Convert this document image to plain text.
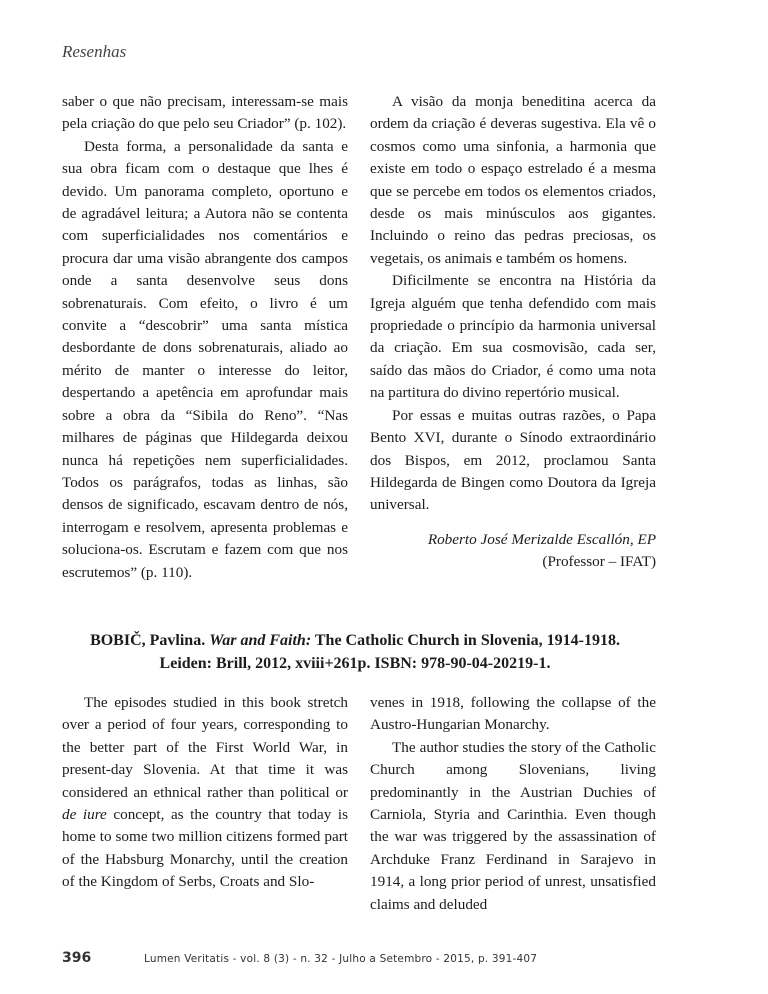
Resenhas

saber o que não precisam, interessam-se mais pela criação do que pelo seu Criador” (p. 102).

Desta forma, a personalidade da santa e sua obra ficam com o destaque que lhes é devido. Um panorama completo, oportuno e de agradável leitura; a Autora não se contenta com superficialidades nos comentários e procura dar uma visão abrangente dos campos onde a santa desenvolve seus dons sobrenaturais. Com efeito, o livro é um convite a “descobrir” uma santa mística desbordante de dons sobrenaturais, aliado ao mérito de manter o interesse do leitor, despertando a apetência em aprofundar mais sobre a obra da “Sibila do Reno”. “Nas milhares de páginas que Hildegarda deixou nunca há repetições nem superficialidades. Todos os parágrafos, todas as linhas, são densos de significado, escavam dentro de nós, interrogam e resolvem, apresenta problemas e soluciona-os. Escrutam e fazem com que nos escrutemos” (p. 110).

A visão da monja beneditina acerca da ordem da criação é deveras sugestiva. Ela vê o cosmos como uma sinfonia, a harmonia que existe em todo o espaço estrelado é a mesma que se percebe em todos os elementos criados, desde os mais minúsculos aos gigantes. Incluindo o reino das pedras preciosas, os vegetais, os animais e também os homens.

Dificilmente se encontra na História da Igreja alguém que tenha defendido com mais propriedade o princípio da harmonia universal da criação. Em sua cosmovisão, cada ser, saído das mãos do Criador, é como uma nota na partitura do divino repertório musical.

Por essas e muitas outras razões, o Papa Bento XVI, durante o Sínodo extraordinário dos Bispos, em 2012, proclamou Santa Hildegarda de Bingen como Doutora da Igreja universal.

Roberto José Merizalde Escallón, EP
(Professor – IFAT)
BOBIČ, Pavlina. War and Faith: The Catholic Church in Slovenia, 1914-1918. Leiden: Brill, 2012, xviii+261p. ISBN: 978-90-04-20219-1.

The episodes studied in this book stretch over a period of four years, corresponding to the better part of the First World War, in present-day Slovenia. At that time it was considered an ethnical rather than political or de iure concept, as the country that today is home to some two million citizens formed part of the Habsburg Monarchy, until the creation of the Kingdom of Serbs, Croats and Slo-

venes in 1918, following the collapse of the Austro-Hungarian Monarchy.

The author studies the story of the Catholic Church among Slovenians, living predominantly in the Austrian Duchies of Carniola, Styria and Carinthia. Even though the war was triggered by the assassination of Archduke Franz Ferdinand in Sarajevo in 1914, a long prior period of unrest, unsatisfied claims and deluded

396	Lumen Veritatis - vol. 8 (3) - n. 32 - Julho a Setembro - 2015, p. 391-407
